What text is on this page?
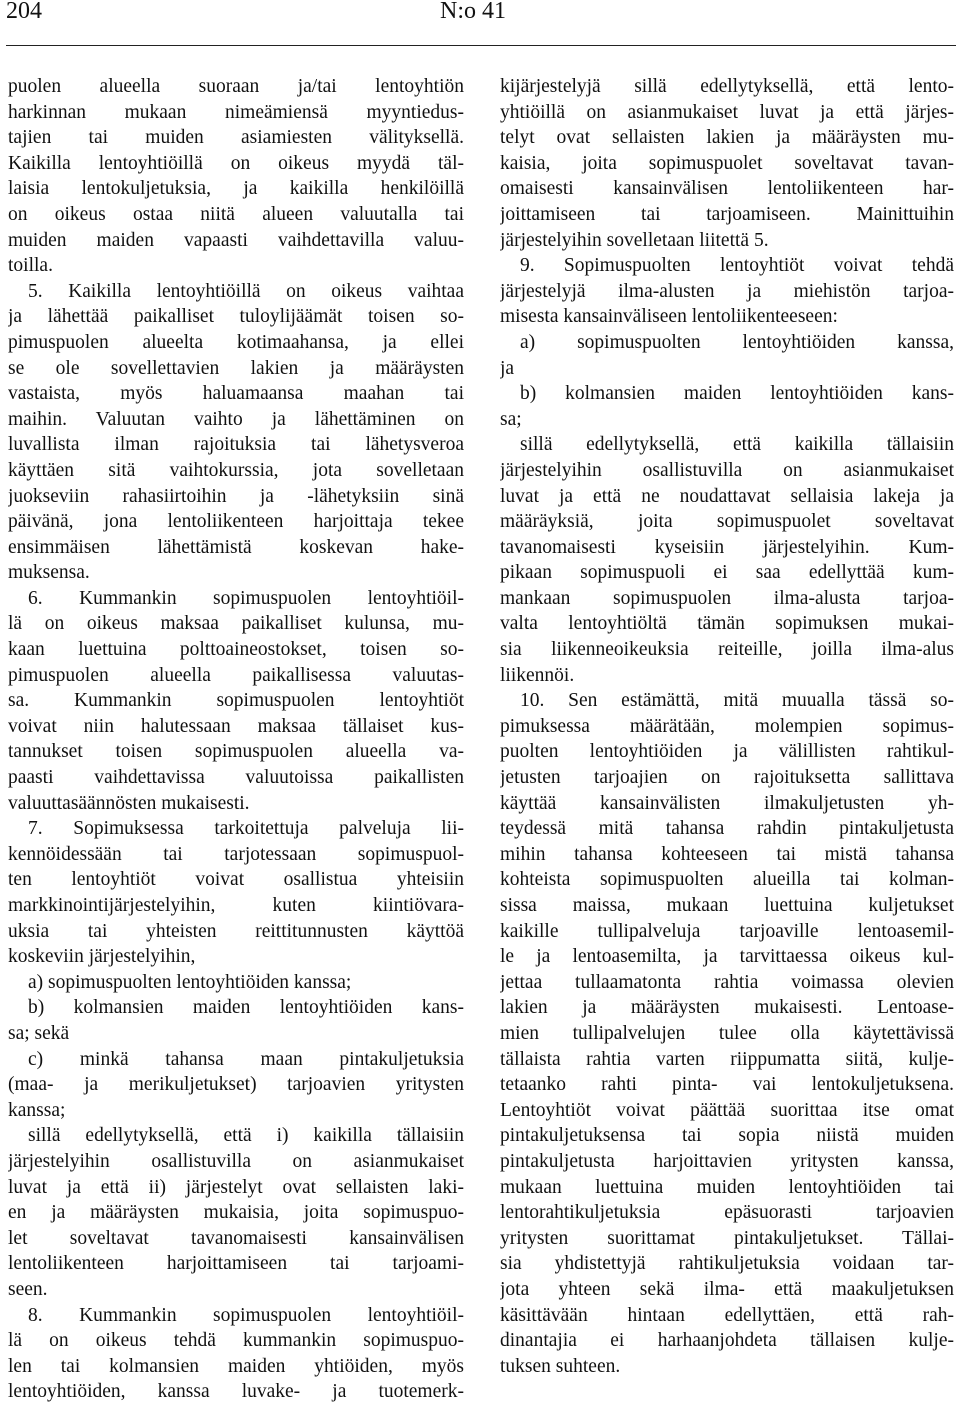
204	N:o 41
puolen alueella suoraan ja/tai lentoyhtiön
harkinnan mukaan nimeämiensä myyntiedus-
tajien tai muiden asiamiesten välityksellä.
Kaikilla lentoyhtiöillä on oikeus myydä täl-
laisia lentokuljetuksia, ja kaikilla henkilöillä
on oikeus ostaa niitä alueen valuutalla tai
muiden maiden vapaasti vaihdettavilla valuu-
toilla.
5. Kaikilla lentoyhtiöillä on oikeus vaihtaa
ja lähettää paikalliset tuloylijäämät toisen so-
pimuspuolen alueelta kotimaahansa, ja ellei
se ole sovellettavien lakien ja määräysten
vastaista, myös haluamaansa maahan tai
maihin. Valuutan vaihto ja lähettäminen on
luvallista ilman rajoituksia tai lähetysveroa
käyttäen sitä vaihtokurssia, jota sovelletaan
juokseviin rahasiirtoihin ja -lähetyksiin sinä
päivänä, jona lentoliikenteen harjoittaja tekee
ensimmäisen lähettämistä koskevan hake-
muksensa.
6. Kummankin sopimuspuolen lentoyhtiöil-
lä on oikeus maksaa paikalliset kulunsa, mu-
kaan luettuina polttoaineostokset, toisen so-
pimuspuolen alueella paikallisessa valuutas-
sa. Kummankin sopimuspuolen lentoyhtiöt
voivat niin halutessaan maksaa tällaiset kus-
tannukset toisen sopimuspuolen alueella va-
paasti vaihdettavissa valuutoissa paikallisten
valuuttasäännösten mukaisesti.
7. Sopimuksessa tarkoitettuja palveluja lii-
kennöidessään tai tarjotessaan sopimuspuol-
ten lentoyhtiöt voivat osallistua yhteisiin
markkinointijärjestelyihin, kuten kiintiövara-
uksia tai yhteisten reittitunnusten käyttöä
koskeviin järjestelyihin,
a) sopimuspuolten lentoyhtiöiden kanssa;
b) kolmansien maiden lentoyhtiöiden kans-
sa; sekä
c) minkä tahansa maan pintakuljetuksia
(maa- ja merikuljetukset) tarjoavien yritysten
kanssa;
sillä edellytyksellä, että i) kaikilla tällaisiin
järjestelyihin osallistuvilla on asianmukaiset
luvat ja että ii) järjestelyt ovat sellaisten laki-
en ja määräysten mukaisia, joita sopimuspuo-
let soveltavat tavanomaisesti kansainvälisen
lentoliikenteen harjoittamiseen tai tarjoami-
seen.
8. Kummankin sopimuspuolen lentoyhtiöil-
lä on oikeus tehdä kummankin sopimuspuo-
len tai kolmansien maiden yhtiöiden, myös
lentoyhtiöiden, kanssa luvake- ja tuotemerk-
kijärjestelyjä sillä edellytyksellä, että lento-
yhtiöillä on asianmukaiset luvat ja että järjes-
telyt ovat sellaisten lakien ja määräysten mu-
kaisia, joita sopimuspuolet soveltavat tavan-
omaisesti kansainvälisen lentoliikenteen har-
joittamiseen tai tarjoamiseen. Mainittuihin
järjestelyihin sovelletaan liitettä 5.
9. Sopimuspuolten lentoyhtiöt voivat tehdä
järjestelyjä ilma-alusten ja miehistön tarjoa-
misesta kansainväliseen lentoliikenteeseen:
a) sopimuspuolten lentoyhtiöiden kanssa,
ja
b) kolmansien maiden lentoyhtiöiden kans-
sa;
sillä edellytyksellä, että kaikilla tällaisiin
järjestelyihin osallistuvilla on asianmukaiset
luvat ja että ne noudattavat sellaisia lakeja ja
määräyksiä, joita sopimuspuolet soveltavat
tavanomaisesti kyseisiin järjestelyihin. Kum-
pikaan sopimuspuoli ei saa edellyttää kum-
mankaan sopimuspuolen ilma-alusta tarjoa-
valta lentoyhtiöltä tämän sopimuksen mukai-
sia liikenneoikeuksia reiteille, joilla ilma-alus
liikennöi.
10. Sen estämättä, mitä muualla tässä so-
pimuksessa määrätään, molempien sopimus-
puolten lentoyhtiöiden ja välillisten rahtikul-
jetusten tarjoajien on rajoituksetta sallittava
käyttää kansainvälisten ilmakuljetusten yh-
teydessä mitä tahansa rahdin pintakuljetusta
mihin tahansa kohteeseen tai mistä tahansa
kohteista sopimuspuolten alueilla tai kolman-
sissa maissa, mukaan luettuina kuljetukset
kaikille tullipalveluja tarjoaville lentoasemil-
le ja lentoasemilta, ja tarvittaessa oikeus kul-
jettaa tullaamatonta rahtia voimassa olevien
lakien ja määräysten mukaisesti. Lentoase-
mien tullipalvelujen tulee olla käytettävissä
tällaista rahtia varten riippumatta siitä, kulje-
tetaanko rahti pinta- vai lentokuljetuksena.
Lentoyhtiöt voivat päättää suorittaa itse omat
pintakuljetuksensa tai sopia niistä muiden
pintakuljetusta harjoittavien yritysten kanssa,
mukaan luettuina muiden lentoyhtiöiden tai
lentorahtikuljetuksia epäsuorasti tarjoavien
yritysten suorittamat pintakuljetukset. Tällai-
sia yhdistettyjä rahtikuljetuksia voidaan tar-
jota yhteen sekä ilma- että maakuljetuksen
käsittävään hintaan edellyttäen, että rah-
dinantajia ei harhaanjohdeta tällaisen kulje-
tuksen suhteen.
